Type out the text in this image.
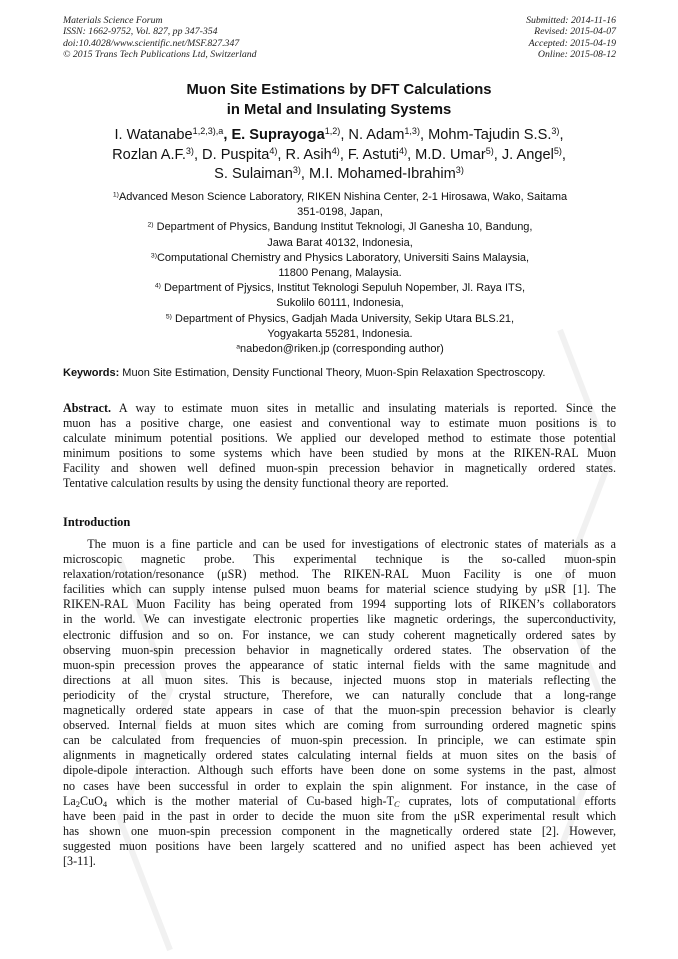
Materials Science Forum
ISSN: 1662-9752, Vol. 827, pp 347-354
doi:10.4028/www.scientific.net/MSF.827.347
© 2015 Trans Tech Publications Ltd, Switzerland
Submitted: 2014-11-16
Revised: 2015-04-07
Accepted: 2015-04-19
Online: 2015-08-12
Muon Site Estimations by DFT Calculations
in Metal and Insulating Systems
I. Watanabe$^{1,2,3),a}$, E. Suprayoga$^{1,2)}$, N. Adam$^{1,3)}$, Mohm-Tajudin S.S.$^{3)}$,
Rozlan A.F.$^{3)}$, D. Puspita$^{4)}$, R. Asih$^{4)}$, F. Astuti$^{4)}$, M.D. Umar$^{5)}$, J. Angel$^{5)}$,
S. Sulaiman$^{3)}$, M.I. Mohamed-Ibrahim$^{3)}$
$^{1)}$Advanced Meson Science Laboratory, RIKEN Nishina Center, 2-1 Hirosawa, Wako, Saitama
351-0198, Japan,
$^{2)}$ Department of Physics, Bandung Institut Teknologi, Jl Ganesha 10, Bandung,
Jawa Barat 40132, Indonesia,
$^{3)}$Computational Chemistry and Physics Laboratory, Universiti Sains Malaysia,
11800 Penang, Malaysia.
$^{4)}$ Department of Pjysics, Institut Teknologi Sepuluh Nopember, Jl. Raya ITS,
Sukolilo 60111, Indonesia,
$^{5)}$ Department of Physics, Gadjah Mada University, Sekip Utara BLS.21,
Yogyakarta 55281, Indonesia.
$^a$nabedon@riken.jp (corresponding author)
Keywords: Muon Site Estimation, Density Functional Theory, Muon-Spin Relaxation Spectroscopy.
Abstract. A way to estimate muon sites in metallic and insulating materials is reported. Since the
muon has a positive charge, one easiest and conventional way to estimate muon positions is to
calculate minimum potential positions. We applied our developed method to estimate those potential
minimum positions to some systems which have been studied by mons at the RIKEN-RAL Muon
Facility and showen well defined muon-spin precession behavior in magnetically ordered states.
Tentative calculation results by using the density functional theory are reported.
Introduction
The muon is a fine particle and can be used for investigations of electronic states of materials as a
microscopic magnetic probe. This experimental technique is the so-called muon-spin
relaxation/rotation/resonance (μSR) method. The RIKEN-RAL Muon Facility is one of muon
facilities which can supply intense pulsed muon beams for material science studying by μSR [1]. The
RIKEN-RAL Muon Facility has being operated from 1994 supporting lots of RIKEN’s collaborators
in the world. We can investigate electronic properties like magnetic orderings, the superconductivity,
electronic diffusion and so on. For instance, we can study coherent magnetically ordered sates by
observing muon-spin precession behavior in magnetically ordered states. The observation of the
muon-spin precession proves the appearance of static internal fields with the same magnitude and
directions at all muon sites. This is because, injected muons stop in materials reflecting the
periodicity of the crystal structure, Therefore, we can naturally conclude that a long-range
magnetically ordered state appears in case of that the muon-spin precession behavior is clearly
observed. Internal fields at muon sites which are coming from surrounding ordered magnetic spins
can be calculated from frequencies of muon-spin precession. In principle, we can estimate spin
alignments in magnetically ordered states calculating internal fields at muon sites on the basis of
dipole-dipole interaction. Although such efforts have been done on some systems in the past, almost
no cases have been successful in order to explain the spin alignment. For instance, in the case of
$La_2CuO_4$ which is the mother material of Cu-based high-$T_C$ cuprates, lots of computational efforts
have been paid in the past in order to decide the muon site from the μSR experimental result which
has shown one muon-spin precession component in the magnetically ordered state [2]. However,
suggested muon positions have been largely scattered and no unified aspect has been achieved yet
[3-11].
